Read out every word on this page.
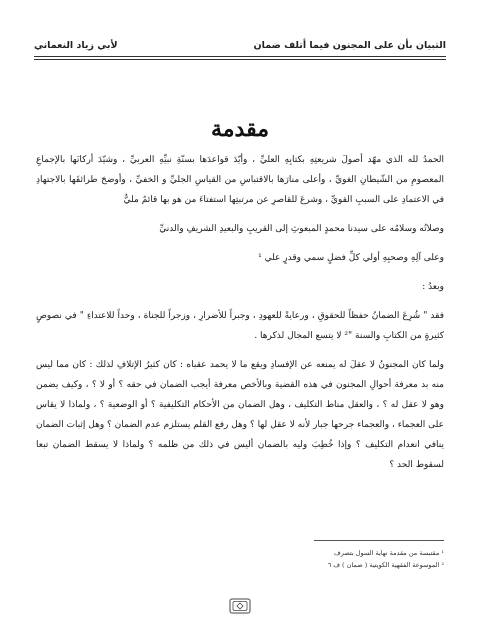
التبيان بأن على المجنون فيما أتلف ضمان
لأبي زياد النعماني
مقدمة

الحمدُ لله الذي مهّد أصولَ شريعتِهِ بكتابِهِ العليِّ ، وأيّدَ قواعدَها بسنّةِ نبيِّهِ العربيِّ ، وشيّدَ أركانَها بالإجماعِ المعصومِ من الشّيطانِ الغويِّ ، وأعلى منارَها بالاقتباسِ من القياسِ الجليِّ و الخفيِّ ، وأوضحَ طرائقَها بالاجتهادِ في الاعتمادِ على السببِ القويِّ ، وشرعَ للقاصرِ عن مرتبتِها استفتاءَ من هو بها قائمٌ مليٌّ

وصلاتُه وسلامُه على سيدنا محمدٍ المبعوثِ إلى القريبِ والبعيدِ الشريفِ والدنيِّ

وعلى آلِهِ وصحبِهِ أولي كلِّ فضلٍ سمي وقدرٍ علي ¹

وبعدُ :

فقد " شُرِعَ الضمانُ حفظاً للحقوقِ ، ورعايةً للعهودِ ، وجبراً للأضرارِ ، وزجراً للجناة ، وحداً للاعتداءِ " في نصوصٍ كثيرةٍ من الكتابِ والسنة "² لا يتسع المجال لذكرها .

ولما كان المجنونُ لا عقلَ له يمنعه عن الإفسادِ ويقع ما لا يحمد عقباه : كان كثيرُ الإتلافِ لذلك : كان مما ليس منه بد معرفة أحوالِ المجنون في هذه القضية وبالأخص معرفة أيجب الضمان في حقه ؟ أو لا ؟ ، وكيف يضمن وهو لا عقل له ؟ ، والعقل مناط التكليف ، وهل الضمان من الأحكام التكليفية ؟ أو الوضعية ؟ ، ولماذا لا يقاس على العجماء ، والعجماء جرحها جبار لأنه لا عقل لها ؟ وهل رفع القلم يستلزم عدم الضمان ؟ وهل إثبات الضمان ينافي انعدام التكليف ؟ وإذا خُطِبَ وليه بالضمان أليس في ذلك من ظلمه ؟ ولماذا لا يسقط الضمان تبعا لسقوط الحد ؟

¹ مقتبسة من مقدمة نهاية السول بتصرف
² الموسوعة الفقهية الكويتية ( ضمان ) ف ٦
